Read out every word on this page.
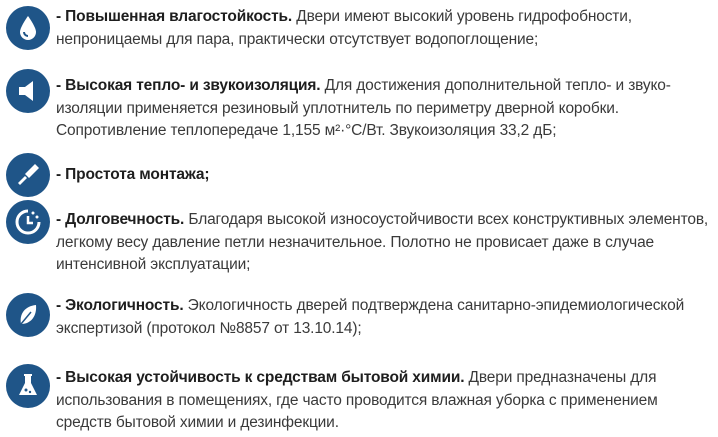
- Повышенная влагостойкость. Двери имеют высокий уровень гидрофобности, непроницаемы для пара, практически отсутствует водопоглощение;
- Высокая тепло- и звукоизоляция. Для достижения дополнительной тепло- и звуко-изоляции применяется резиновый уплотнитель по периметру дверной коробки. Сопротивление теплопередаче 1,155 м²·°C/Вт. Звукоизоляция 33,2 дБ;
- Простота монтажа;
- Долговечность. Благодаря высокой износоустойчивости всех конструктивных элементов, легкому весу давление петли незначительное. Полотно не провисает даже в случае интенсивной эксплуатации;
- Экологичность. Экологичность дверей подтверждена санитарно-эпидемиологической экспертизой (протокол №8857 от 13.10.14);
- Высокая устойчивость к средствам бытовой химии. Двери предназначены для использования в помещениях, где часто проводится влажная уборка с применением средств бытовой химии и дезинфекции.
